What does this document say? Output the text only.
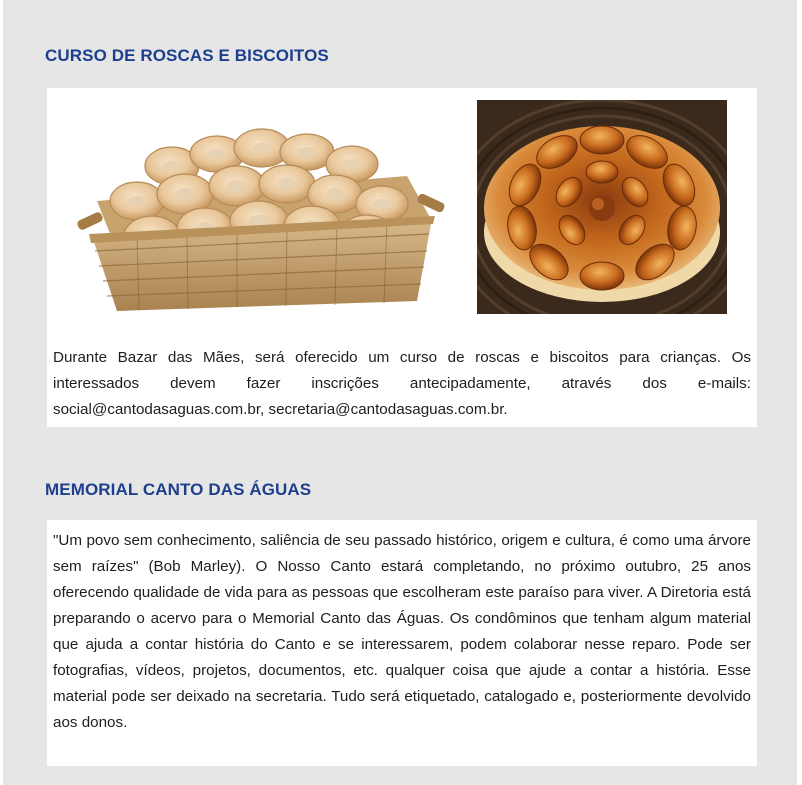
CURSO DE ROSCAS E BISCOITOS

Durante Bazar das Mães, será oferecido um curso de roscas e biscoitos para crianças. Os interessados devem fazer inscrições antecipadamente, através dos e-mails: social@cantodasaguas.com.br, secretaria@cantodasaguas.com.br.

MEMORIAL CANTO DAS ÁGUAS

"Um povo sem conhecimento, saliência de seu passado histórico, origem e cultura, é como uma árvore sem raízes" (Bob Marley). O Nosso Canto estará completando, no próximo outubro, 25 anos oferecendo qualidade de vida para as pessoas que escolheram este paraíso para viver. A Diretoria está preparando o acervo para o Memorial Canto das Águas. Os condôminos que tenham algum material que ajuda a contar história do Canto e se interessarem, podem colaborar nesse reparo. Pode ser fotografias, vídeos, projetos, documentos, etc. qualquer coisa que ajude a contar a história. Esse material pode ser deixado na secretaria. Tudo será etiquetado, catalogado e, posteriormente devolvido aos donos.
